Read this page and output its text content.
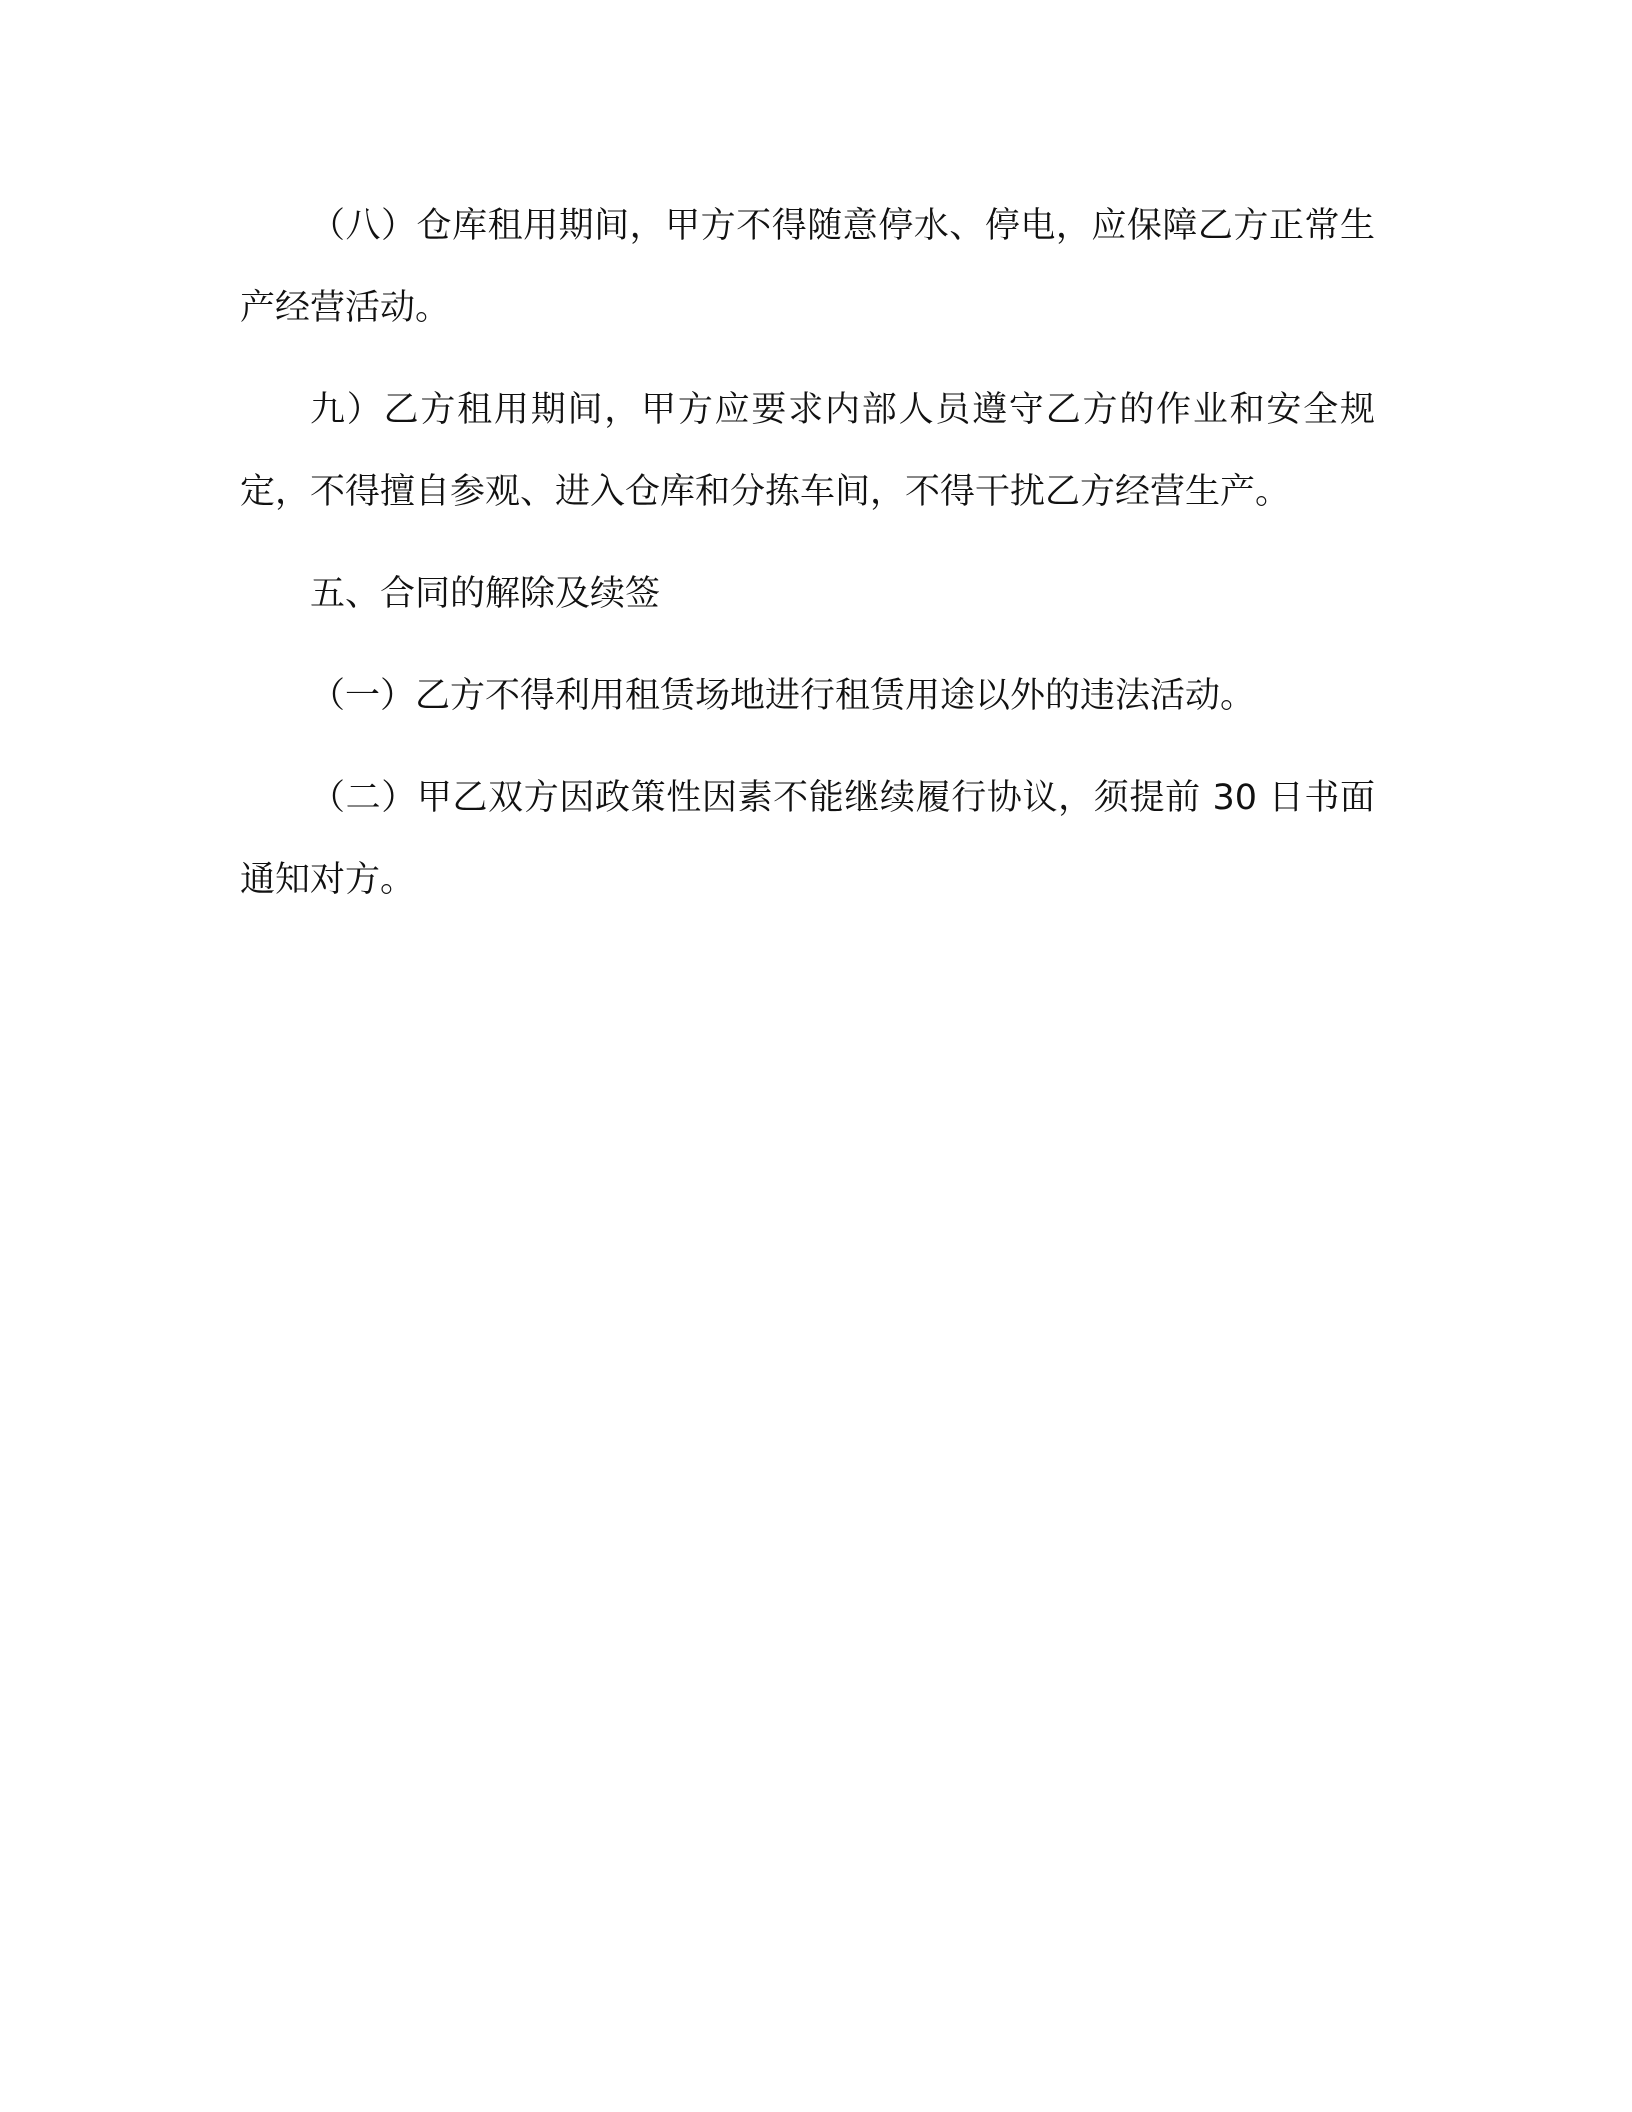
（八）仓库租用期间，甲方不得随意停水、停电，应保障乙方正常生产经营活动。

九）乙方租用期间，甲方应要求内部人员遵守乙方的作业和安全规定，不得擅自参观、进入仓库和分拣车间，不得干扰乙方经营生产。

五、合同的解除及续签

（一）乙方不得利用租赁场地进行租赁用途以外的违法活动。

（二）甲乙双方因政策性因素不能继续履行协议，须提前 30 日书面通知对方。
